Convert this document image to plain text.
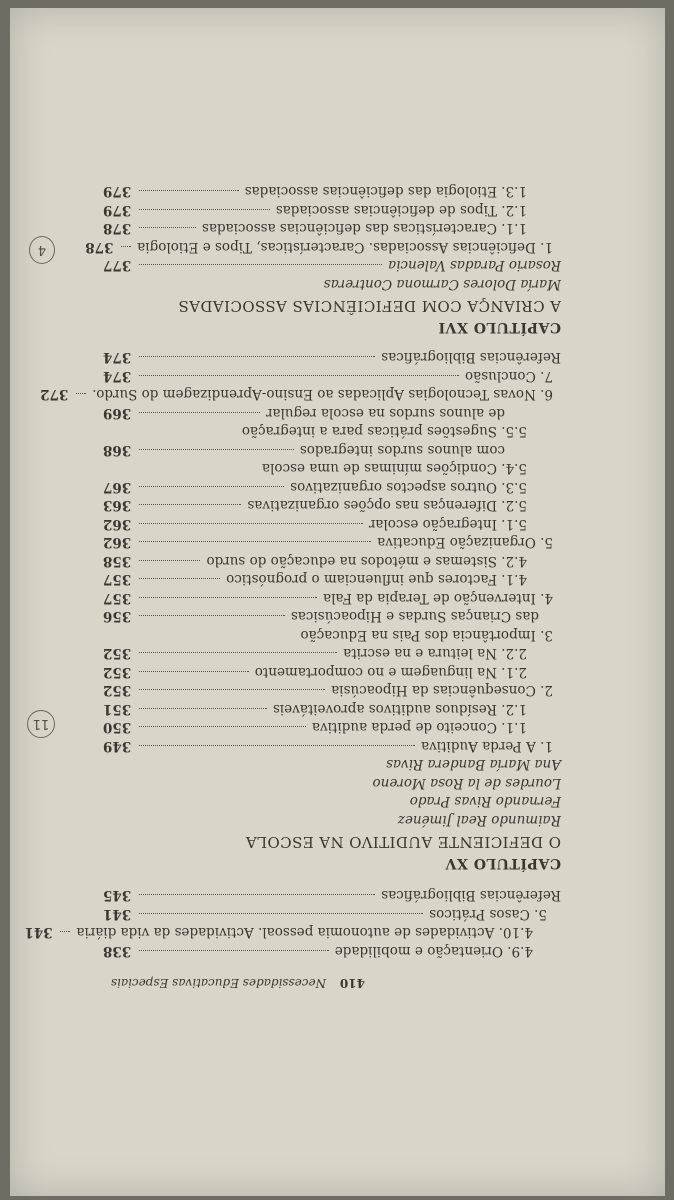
410 Necessidades Educativas Especiais
4.9. Orientação e mobilidade
338
4.10. Actividades de autonomia pessoal. Actividades da vida diária
341
5. Casos Práticos
341
Referências Bibliográficas
345
CAPÍTULO XV
O DEFICIENTE AUDITIVO NA ESCOLA
Raimundo Real Jiménez
Fernando Rivas Prado
Lourdes de la Rosa Moreno
Ana María Bandera Rivas
1. A Perda Auditiva
349
1.1. Conceito de perda auditiva
350
1.2. Resíduos auditivos aproveitáveis
351
2. Consequências da Hipoacúsia
352
2.1. Na linguagem e no comportamento
352
2.2. Na leitura e na escrita
352
3. Importância dos Pais na Educação
das Crianças Surdas e Hipoacúsicas
356
4. Intervenção de Terapia da Fala
357
4.1. Factores que influenciam o prognóstico
357
4.2. Sistemas e métodos na educação do surdo
358
5. Organização Educativa
362
5.1. Integração escolar
362
5.2. Diferenças nas opções organizativas
363
5.3. Outros aspectos organizativos
367
5.4. Condições mínimas de uma escola
com alunos surdos integrados
368
5.5. Sugestões práticas para a integração
de alunos surdos na escola regular
369
6. Novas Tecnologias Aplicadas ao Ensino-Aprendizagem do Surdo.
372
7. Conclusão
374
Referências Bibliográficas
374
CAPÍTULO XVI
A CRIANÇA COM DEFICIÊNCIAS ASSOCIADAS
María Dolores Carmona Contreras
Rosario Paradas Valencia
377
1. Deficiências Associadas. Características, Tipos e Etiologia
378
1.1. Características das deficiências associadas
378
1.2. Tipos de deficiências associadas
379
1.3. Etiologia das deficiências associadas
379
11
4
